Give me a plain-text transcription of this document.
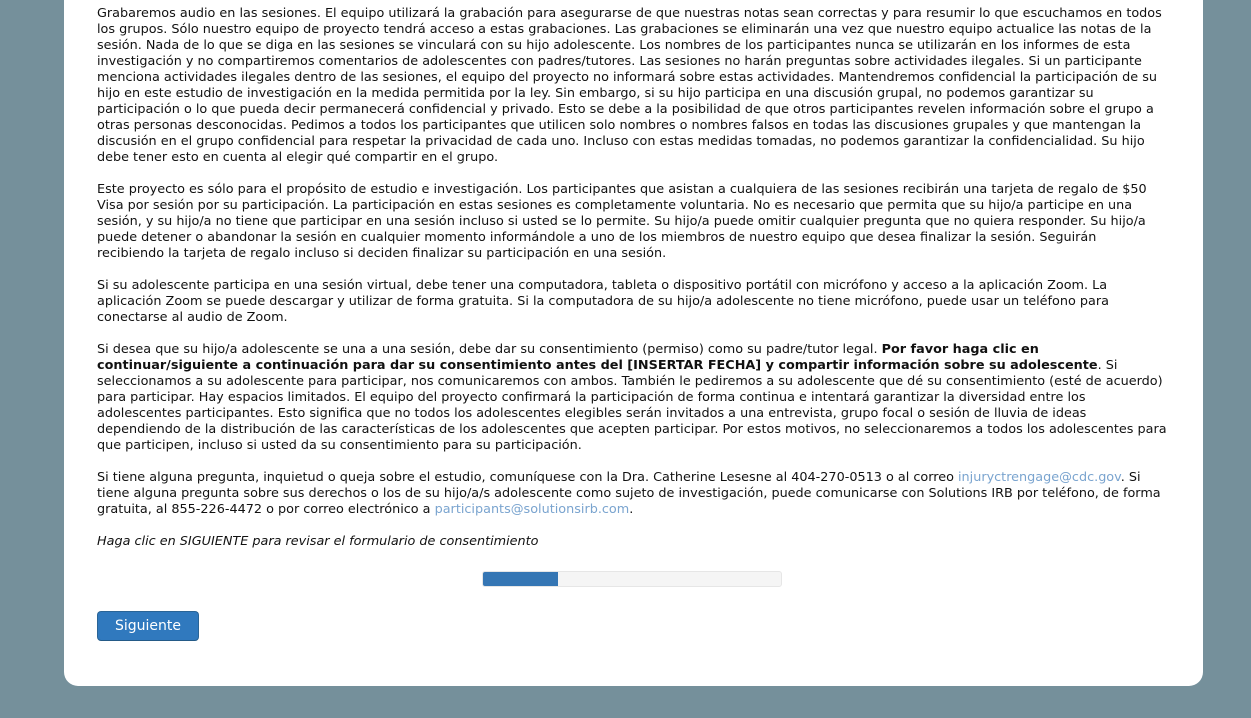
Grabaremos audio en las sesiones. El equipo utilizará la grabación para asegurarse de que nuestras notas sean correctas y para resumir lo que escuchamos en todos los grupos. Sólo nuestro equipo de proyecto tendrá acceso a estas grabaciones. Las grabaciones se eliminarán una vez que nuestro equipo actualice las notas de la sesión. Nada de lo que se diga en las sesiones se vinculará con su hijo adolescente. Los nombres de los participantes nunca se utilizarán en los informes de esta investigación y no compartiremos comentarios de adolescentes con padres/tutores. Las sesiones no harán preguntas sobre actividades ilegales. Si un participante menciona actividades ilegales dentro de las sesiones, el equipo del proyecto no informará sobre estas actividades. Mantendremos confidencial la participación de su hijo en este estudio de investigación en la medida permitida por la ley. Sin embargo, si su hijo participa en una discusión grupal, no podemos garantizar su participación o lo que pueda decir permanecerá confidencial y privado. Esto se debe a la posibilidad de que otros participantes revelen información sobre el grupo a otras personas desconocidas. Pedimos a todos los participantes que utilicen solo nombres o nombres falsos en todas las discusiones grupales y que mantengan la discusión en el grupo confidencial para respetar la privacidad de cada uno. Incluso con estas medidas tomadas, no podemos garantizar la confidencialidad. Su hijo debe tener esto en cuenta al elegir qué compartir en el grupo.

Este proyecto es sólo para el propósito de estudio e investigación. Los participantes que asistan a cualquiera de las sesiones recibirán una tarjeta de regalo de $50 Visa por sesión por su participación. La participación en estas sesiones es completamente voluntaria. No es necesario que permita que su hijo/a participe en una sesión, y su hijo/a no tiene que participar en una sesión incluso si usted se lo permite. Su hijo/a puede omitir cualquier pregunta que no quiera responder. Su hijo/a puede detener o abandonar la sesión en cualquier momento informándole a uno de los miembros de nuestro equipo que desea finalizar la sesión. Seguirán recibiendo la tarjeta de regalo incluso si deciden finalizar su participación en una sesión.

Si su adolescente participa en una sesión virtual, debe tener una computadora, tableta o dispositivo portátil con micrófono y acceso a la aplicación Zoom. La aplicación Zoom se puede descargar y utilizar de forma gratuita. Si la computadora de su hijo/a adolescente no tiene micrófono, puede usar un teléfono para conectarse al audio de Zoom.

Si desea que su hijo/a adolescente se una a una sesión, debe dar su consentimiento (permiso) como su padre/tutor legal. Por favor haga clic en continuar/siguiente a continuación para dar su consentimiento antes del [INSERTAR FECHA] y compartir información sobre su adolescente. Si seleccionamos a su adolescente para participar, nos comunicaremos con ambos. También le pediremos a su adolescente que dé su consentimiento (esté de acuerdo) para participar. Hay espacios limitados. El equipo del proyecto confirmará la participación de forma continua e intentará garantizar la diversidad entre los adolescentes participantes. Esto significa que no todos los adolescentes elegibles serán invitados a una entrevista, grupo focal o sesión de lluvia de ideas dependiendo de la distribución de las características de los adolescentes que acepten participar. Por estos motivos, no seleccionaremos a todos los adolescentes para que participen, incluso si usted da su consentimiento para su participación.

Si tiene alguna pregunta, inquietud o queja sobre el estudio, comuníquese con la Dra. Catherine Lesesne al 404-270-0513 o al correo injuryctrengage@cdc.gov. Si tiene alguna pregunta sobre sus derechos o los de su hijo/a/s adolescente como sujeto de investigación, puede comunicarse con Solutions IRB por teléfono, de forma gratuita, al 855-226-4472 o por correo electrónico a participants@solutionsirb.com.

Haga clic en SIGUIENTE para revisar el formulario de consentimiento

Siguiente
